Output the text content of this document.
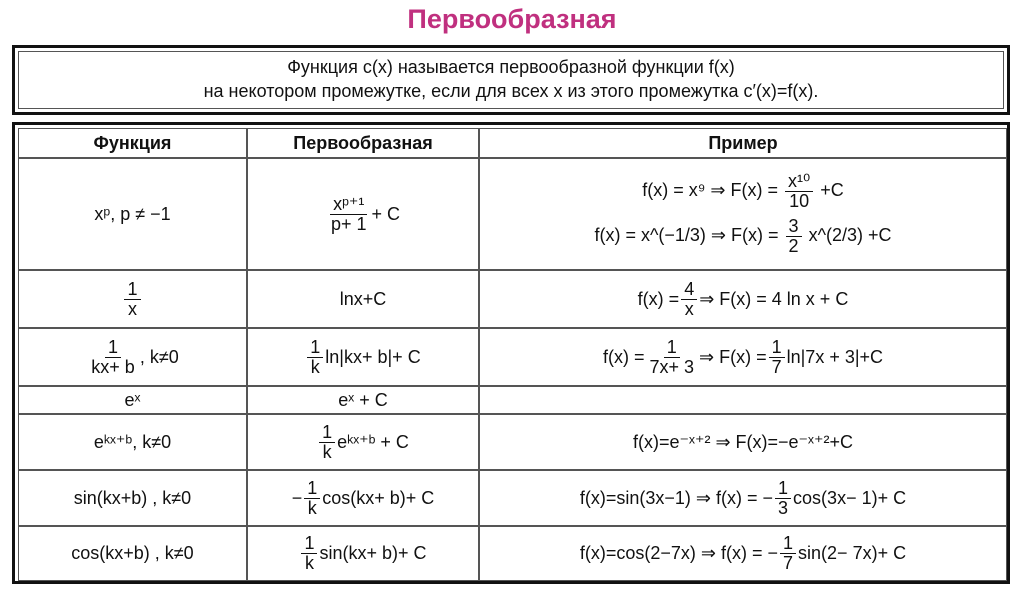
Первообразная
Функция c(x) называется первообразной функции f(x)
на некотором промежутке, если для всех x из этого промежутка c′(x)=f(x).
Функция	Первообразная	Пример
xᵖ, p ≠ −1	$\frac{\text{xᵖ⁺¹}}{p+ 1} + C$
f(x) = x⁹ ⇒ $F(x) = \frac{\text{x¹⁰}}{10} +C$
f(x) = x^(−1/3) ⇒ $F(x) = \frac{3}{2}$ x^(2/3) +C
$\frac{1}{x}$	lnx+C	$f(x) = \frac{4}{x}$ ⇒ F(x) = 4 ln x + C
$\frac{1}{kx+ b}$ , k≠0	$\frac{1}{k} \ln|kx+ b|+ C$	$f(x) = \frac{1}{7x+ 3}$ ⇒ $F(x) = \frac{1}{7} \ln|7x + 3|+C$
eˣ	eˣ + C
eᵏˣ⁺ᵇ, k≠0	$\frac{1}{k}$ eᵏˣ⁺ᵇ + C	f(x)=e⁻ˣ⁺² ⇒ F(x)=−e⁻ˣ⁺²+C
sin(kx+b) , k≠0	− $\frac{1}{k} \cos(kx+ b)+ C$	f(x)=sin(3x−1) ⇒ f(x) = − $\frac{1}{3} \cos(3x- 1)+ C$
cos(kx+b) , k≠0	$\frac{1}{k} \sin(kx+ b)+ C$	f(x)=cos(2−7x) ⇒ f(x) = − $\frac{1}{7} \sin(2- 7x)+ C$
